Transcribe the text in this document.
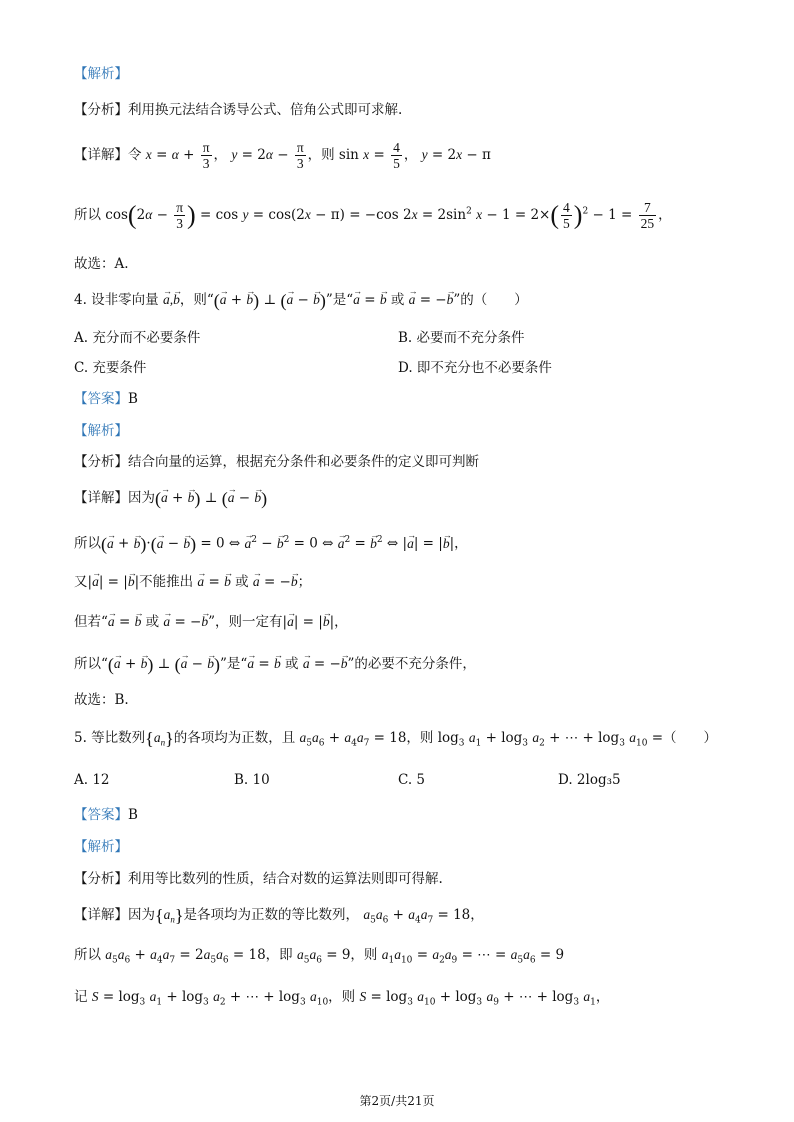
【解析】
【分析】利用换元法结合诱导公式、倍角公式即可求解.
【详解】令 $x = \alpha + \frac{\pi}{3}$ ， $y = 2\alpha - \frac{\pi}{3}$ ，则 $\sin x = \frac{4}{5}$ ， y = 2x − π
所以 $\cos(2\alpha - \frac{\pi}{3}$ ) = cos y = cos(2x − π) = −cos $2x = 2\sin^2$ $x - 1 = 2\times( \frac{4}{5} )^2 - 1 = \frac{7}{25}$ ，
故选：A.
4. 设非零向量 → a,→ b，则“(→ a + → b) ⊥ (→ a − → b)”是“→ a = → b 或 → a = −→ b”的（　　）
A. 充分而不必要条件	B. 必要而不充分条件
C. 充要条件	D. 即不充分也不必要条件
【答案】B
【解析】
【分析】结合向量的运算，根据充分条件和必要条件的定义即可判断
【详解】因为(→ a + → b) ⊥ (→ a − → b)
所以(→ a + → b)·(→ a − → b) = 0 ⇔ → $a^2$ − → $b^2 = 0$ ⇔ → $a^2$ = → $b^2$ ⇔ |→ a| = |→ b|，
又|→ a| = |→ b|不能推出 → a = → b 或 → a = −→ b；
但若“→ a = → b 或 → a = −→ b”，则一定有|→ a| = |→ b|，
所以“(→ a + → b) ⊥ (→ a − → b)”是“→ a = → b 或 → a = −→ b”的必要不充分条件，
故选：B.
5. 等比数列$\{a_n\}$的各项均为正数，且 $a_5a_6 + a_4a_7 = 18$，则 $\log_3 a_1 + \log_3 a_2$ + ⋯ + $\log_3 a_{10}$ =（　　）
A. 12	B. 10	C. 5	D. 2log₃5
【答案】B
【解析】
【分析】利用等比数列的性质，结合对数的运算法则即可得解.
【详解】因为$\{a_n\}$是各项均为正数的等比数列， $a_5a_6 + a_4a_7 = 18$，
所以 $a_5a_6 + a_4a_7 = 2a_5a_6 = 18$，即 $a_5a_6 = 9$，则 $a_1a_{10} = a_2a_9$ = ⋯ = $a_5a_6 = 9$
记 $S = \log_3 a_1 + \log_3 a_2$ + ⋯ + $\log_3 a_{10}$，则 $S = \log_3 a_{10} + \log_3 a_9$ + ⋯ + $\log_3 a_1$，
第2页/共21页
